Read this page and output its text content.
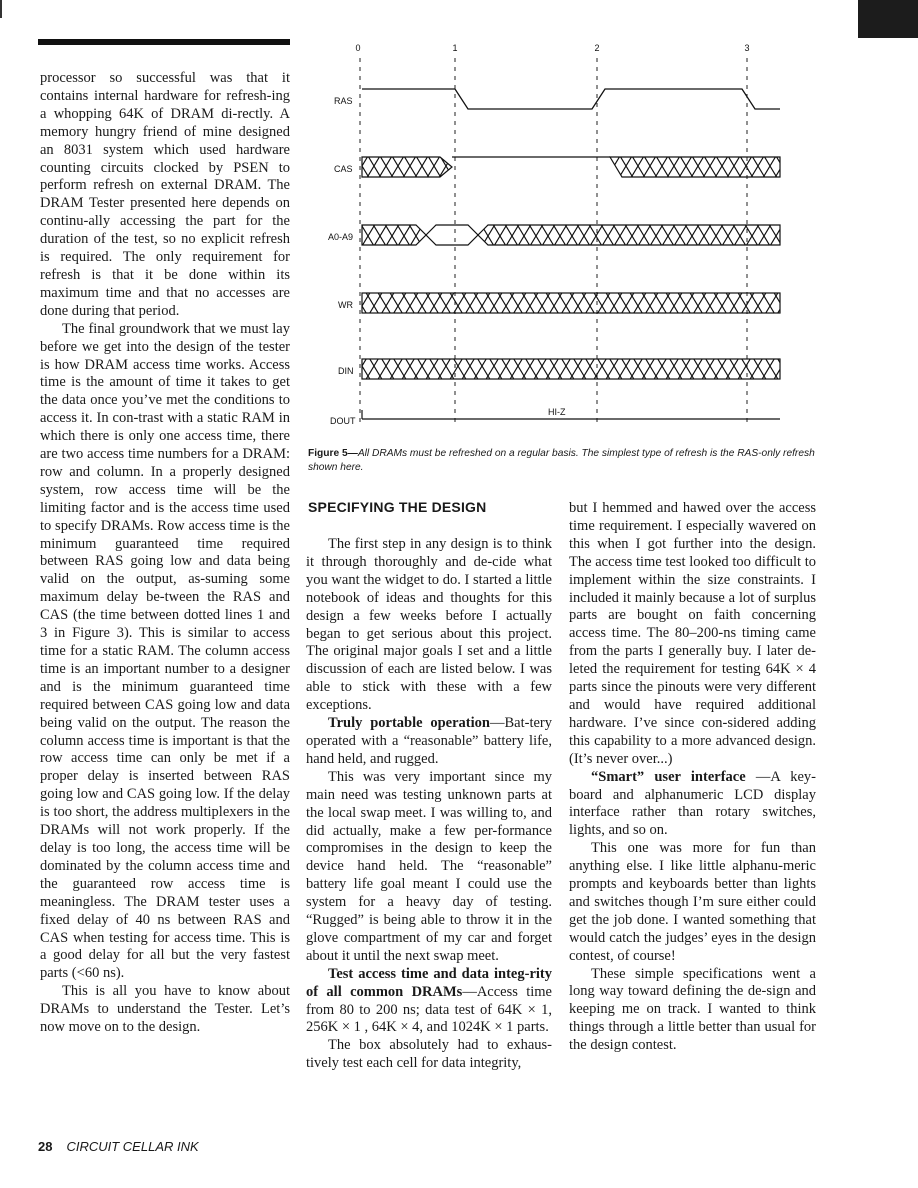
0	1	2	3
RAS
CAS
A0-A9
WR
DIN
DOUT
HI-Z
Figure 5—All DRAMs must be refreshed on a regular basis. The simplest type of refresh is the RAS-only refresh shown here.

processor so successful was that it contains internal hardware for refresh-ing a whopping 64K of DRAM di-rectly. A memory hungry friend of mine designed an 8031 system which used hardware counting circuits clocked by PSEN to perform refresh on external DRAM. The DRAM Tester presented here depends on continu-ally accessing the part for the duration of the test, so no explicit refresh is required. The only requirement for refresh is that it be done within its maximum time and that no accesses are done during that period.

The final groundwork that we must lay before we get into the design of the tester is how DRAM access time works. Access time is the amount of time it takes to get the data once you’ve met the conditions to access it. In con-trast with a static RAM in which there is only one access time, there are two access time numbers for a DRAM: row and column. In a properly designed system, row access time will be the limiting factor and is the access time used to specify DRAMs. Row access time is the minimum guaranteed time required between RAS going low and data being valid on the output, as-suming some maximum delay be-tween the RAS and CAS (the time between dotted lines 1 and 3 in Figure 3). This is similar to access time for a static RAM. The column access time is an important number to a designer and is the minimum guaranteed time required between CAS going low and data being valid on the output. The reason the column access time is important is that the row access time can only be met if a proper delay is inserted between RAS going low and CAS going low. If the delay is too short, the address multiplexers in the DRAMs will not work properly. If the delay is too long, the access time will be dominated by the column access time and the guaranteed row access time is meaningless. The DRAM tester uses a fixed delay of 40 ns between RAS and CAS when testing for access time. This is a good delay for all but the very fastest parts (<60 ns).

This is all you have to know about DRAMs to understand the Tester. Let’s now move on to the design.

SPECIFYING THE DESIGN

The first step in any design is to think it through thoroughly and de-cide what you want the widget to do. I started a little notebook of ideas and thoughts for this design a few weeks before I actually began to get serious about this project. The original major goals I set and a little discussion of each are listed below. I was able to stick with these with a few exceptions.

Truly portable operation—Bat-tery operated with a “reasonable” battery life, hand held, and rugged.

This was very important since my main need was testing unknown parts at the local swap meet. I was willing to, and did actually, make a few per-formance compromises in the design to keep the device hand held. The “reasonable” battery life goal meant I could use the system for a heavy day of testing. “Rugged” is being able to throw it in the glove compartment of my car and forget about it until the next swap meet.

Test access time and data integ-rity of all common DRAMs—Access time from 80 to 200 ns; data test of 64K × 1, 256K × 1 , 64K × 4, and 1024K × 1 parts.

The box absolutely had to exhaus-tively test each cell for data integrity,

but I hemmed and hawed over the access time requirement. I especially wavered on this when I got further into the design. The access time test looked too difficult to implement within the size constraints. I included it mainly because a lot of surplus parts are bought on faith concerning access time. The 80–200-ns timing came from the parts I generally buy. I later de-leted the requirement for testing 64K × 4 parts since the pinouts were very different and would have required additional hardware. I’ve since con-sidered adding this capability to a more advanced design. (It’s never over...)

“Smart” user interface —A key-board and alphanumeric LCD display interface rather than rotary switches, lights, and so on.

This one was more for fun than anything else. I like little alphanu-meric prompts and keyboards better than lights and switches though I’m sure either could get the job done. I wanted something that would catch the judges’ eyes in the design contest, of course!

These simple specifications went a long way toward defining the de-sign and keeping me on track. I wanted to think things through a little better than usual for the design contest.

28 CIRCUIT CELLAR INK
